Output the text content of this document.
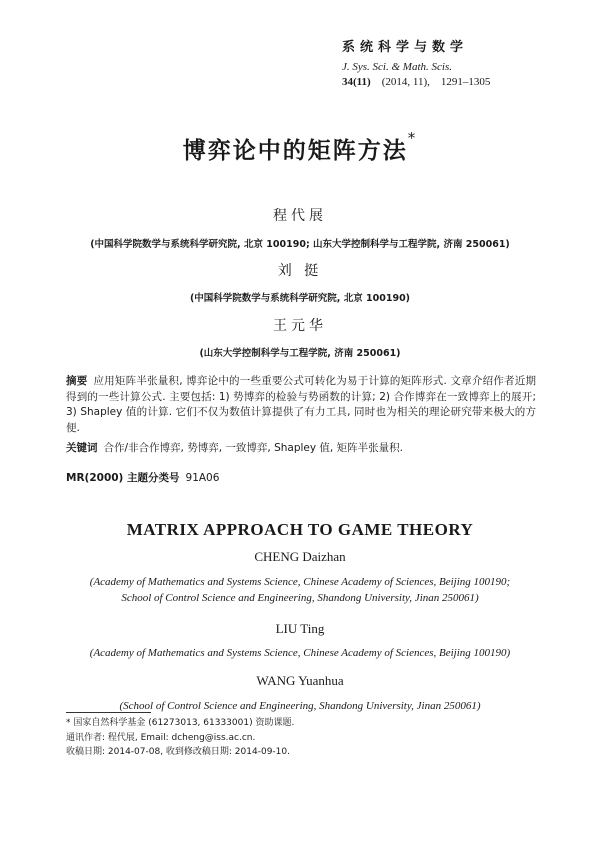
系统科学与数学
J. Sys. Sci. & Math. Scis.
34(11) (2014, 11), 1291–1305
博弈论中的矩阵方法*
程代展
(中国科学院数学与系统科学研究院, 北京 100190; 山东大学控制科学与工程学院, 济南 250061)
刘 挺
(中国科学院数学与系统科学研究院, 北京 100190)
王元华
(山东大学控制科学与工程学院, 济南 250061)
摘要 应用矩阵半张量积, 博弈论中的一些重要公式可转化为易于计算的矩阵形式. 文章介绍作者近期得到的一些计算公式. 主要包括: 1) 势博弈的检验与势函数的计算; 2) 合作博弈在一致博弈上的展开; 3) Shapley 值的计算. 它们不仅为数值计算提供了有力工具, 同时也为相关的理论研究带来极大的方便.
关键词 合作/非合作博弈, 势博弈, 一致博弈, Shapley 值, 矩阵半张量积.
MR(2000) 主题分类号 91A06
MATRIX APPROACH TO GAME THEORY
CHENG Daizhan
(Academy of Mathematics and Systems Science, Chinese Academy of Sciences, Beijing 100190;
School of Control Science and Engineering, Shandong University, Jinan 250061)
LIU Ting
(Academy of Mathematics and Systems Science, Chinese Academy of Sciences, Beijing 100190)
WANG Yuanhua
(School of Control Science and Engineering, Shandong University, Jinan 250061)
* 国家自然科学基金 (61273013, 61333001) 资助课题.
通讯作者: 程代展, Email: dcheng@iss.ac.cn.
收稿日期: 2014-07-08, 收到修改稿日期: 2014-09-10.
